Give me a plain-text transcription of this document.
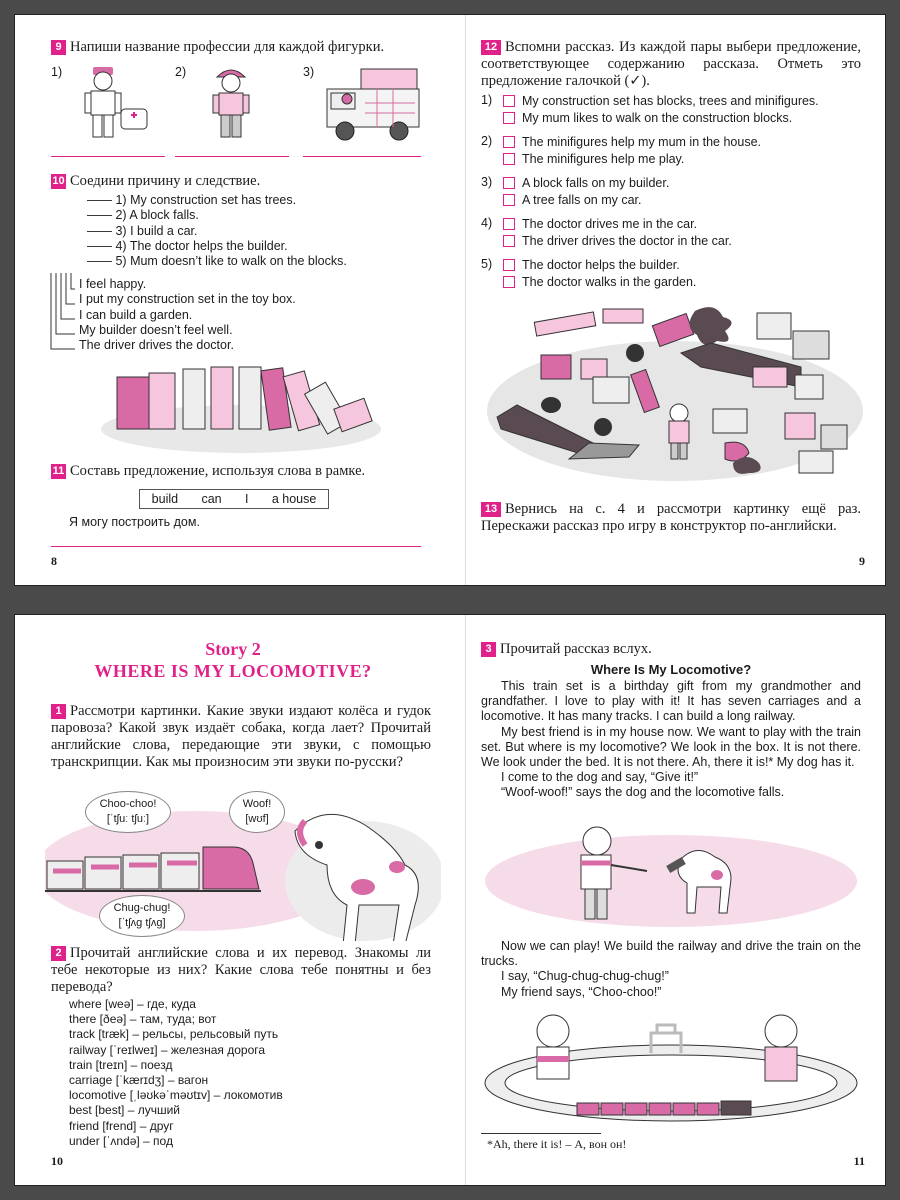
9 Напиши название профессии для каждой фигурки.
1)	2)	3)
10 Соедини причину и следствие.
—— 1) My construction set has trees.
—— 2) A block falls.
—— 3) I build a car.
—— 4) The doctor helps the builder.
—— 5) Mum doesn’t like to walk on the blocks.
I feel happy.
I put my construction set in the toy box.
I can build a garden.
My builder doesn’t feel well.
The driver drives the doctor.
11 Составь предложение, используя слова в рамке.
build can I a house
Я могу построить дом.
8
12 Вспомни рассказ. Из каждой пары выбери предложение, соответствующее содержанию рассказа. Отметь это предложение галочкой (✓).
1)	My construction set has blocks, trees and minifigures.
My mum likes to walk on the construction blocks.
2)	The minifigures help my mum in the house.
The minifigures help me play.
3)	A block falls on my builder.
A tree falls on my car.
4)	The doctor drives me in the car.
The driver drives the doctor in the car.
5)	The doctor helps the builder.
The doctor walks in the garden.
13 Вернись на с. 4 и рассмотри картинку ещё раз. Перескажи рассказ про игру в конструктор по-английски.
9
Story 2
WHERE IS MY LOCOMOTIVE?
1 Рассмотри картинки. Какие звуки издают колёса и гудок паровоза? Какой звук издаёт собака, когда лает? Прочитай английские слова, передающие эти звуки, с помощью транскрипции. Как мы произносим эти звуки по-русски?
Choo-choo!
[ˈtʃuː tʃuː]
Woof!
[wʊf]
Chug-chug!
[ˈtʃʌg tʃʌg]
2 Прочитай английские слова и их перевод. Знакомы ли тебе некоторые из них? Какие слова тебе понятны и без перевода?
where [weə] – где, куда
there [ðeə] – там, туда; вот
track [træk] – рельсы, рельсовый путь
railway [ˈreɪlweɪ] – железная дорога
train [treɪn] – поезд
carriage [ˈkærɪdʒ] – вагон
locomotive [ˌləʊkəˈməʊtɪv] – локомотив
best [best] – лучший
friend [frend] – друг
under [ˈʌndə] – под
10
3 Прочитай рассказ вслух.
Where Is My Locomotive?

This train set is a birthday gift from my grandmother and grandfather. I love to play with it! It has seven carriages and a locomotive. It has many tracks. I can build a long railway.

My best friend is in my house now. We want to play with the train set. But where is my locomotive? We look in the box. It is not there. We look under the bed. It is not there. Ah, there it is!* My dog has it.

I come to the dog and say, “Give it!”

“Woof-woof!” says the dog and the locomotive falls.

Now we can play! We build the railway and drive the train on the trucks.

I say, “Chug-chug-chug-chug!”

My friend says, “Choo-choo!”

*Ah, there it is! – А, вон он!
11
